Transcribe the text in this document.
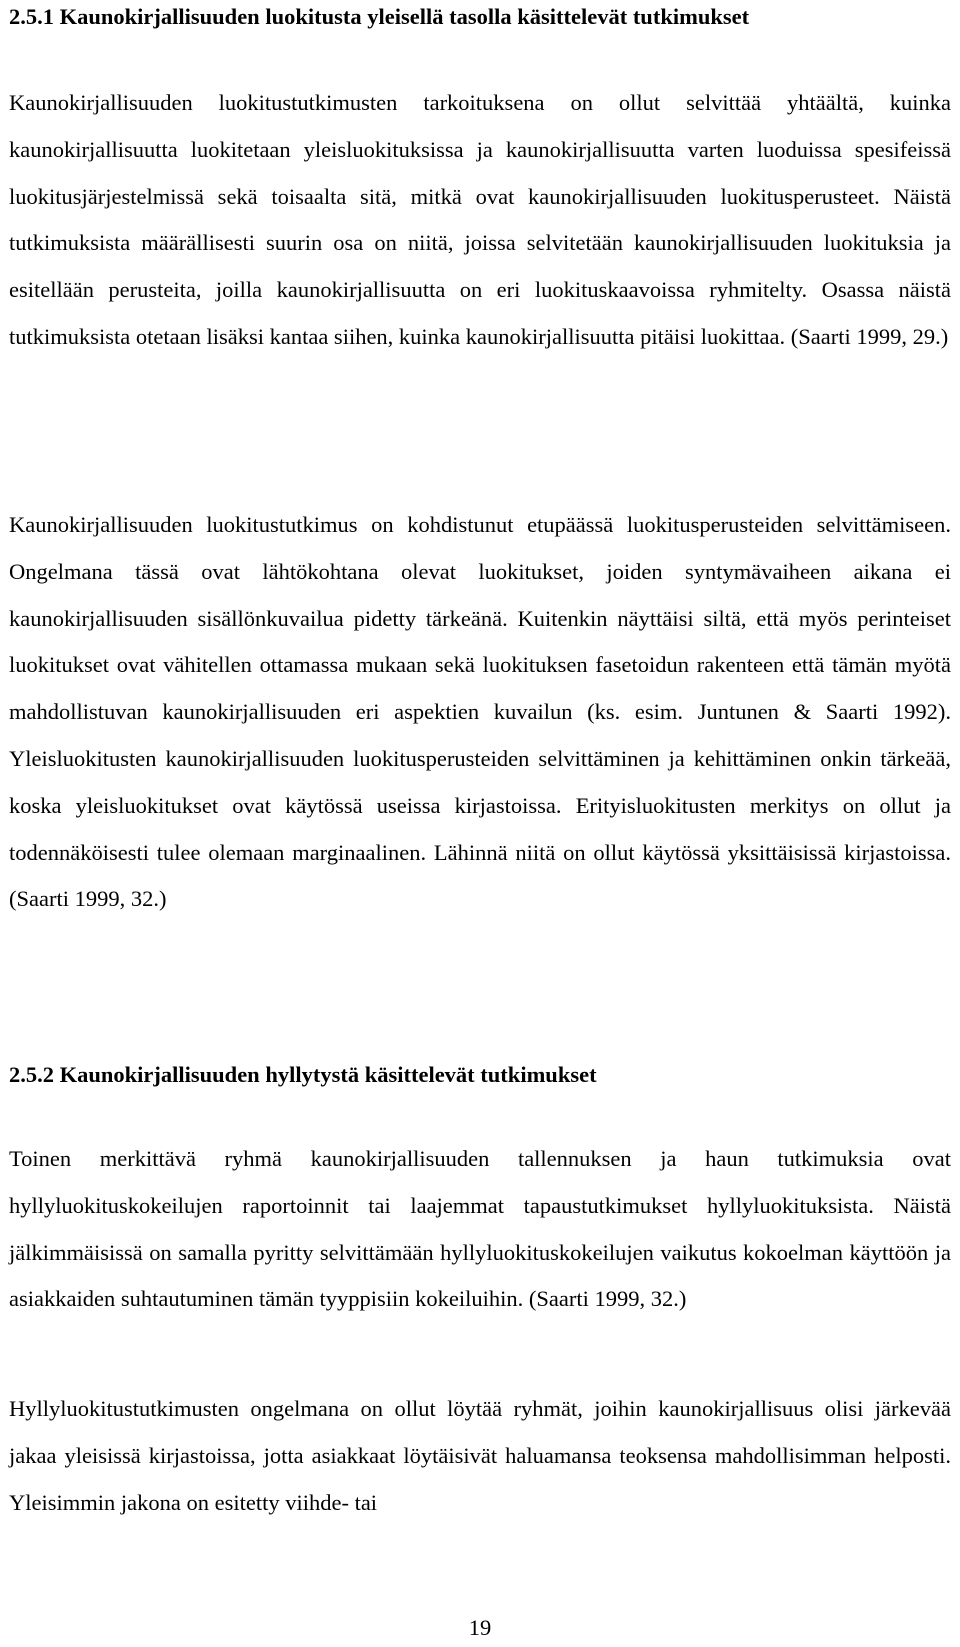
2.5.1 Kaunokirjallisuuden luokitusta yleisellä tasolla käsittelevät tutkimukset

Kaunokirjallisuuden luokitustutkimusten tarkoituksena on ollut selvittää yhtäältä, kuinka kaunokirjallisuutta luokitetaan yleisluokituksissa ja kaunokirjallisuutta varten luoduissa spesifeissä luokitusjärjestelmissä sekä toisaalta sitä, mitkä ovat kaunokirjallisuuden luokitusperusteet. Näistä tutkimuksista määrällisesti suurin osa on niitä, joissa selvitetään kaunokirjallisuuden luokituksia ja esitellään perusteita, joilla kaunokirjallisuutta on eri luokituskaavoissa ryhmitelty. Osassa näistä tutkimuksista otetaan lisäksi kantaa siihen, kuinka kaunokirjallisuutta pitäisi luokittaa. (Saarti 1999, 29.)

Kaunokirjallisuuden luokitustutkimus on kohdistunut etupäässä luokitusperusteiden selvittämiseen. Ongelmana tässä ovat lähtökohtana olevat luokitukset, joiden syntymävaiheen aikana ei kaunokirjallisuuden sisällönkuvailua pidetty tärkeänä. Kuitenkin näyttäisi siltä, että myös perinteiset luokitukset ovat vähitellen ottamassa mukaan sekä luokituksen fasetoidun rakenteen että tämän myötä mahdollistuvan kaunokirjallisuuden eri aspektien kuvailun (ks. esim. Juntunen & Saarti 1992). Yleisluokitusten kaunokirjallisuuden luokitusperusteiden selvittäminen ja kehittäminen onkin tärkeää, koska yleisluokitukset ovat käytössä useissa kirjastoissa. Erityisluokitusten merkitys on ollut ja todennäköisesti tulee olemaan marginaalinen. Lähinnä niitä on ollut käytössä yksittäisissä kirjastoissa. (Saarti 1999, 32.)

2.5.2 Kaunokirjallisuuden hyllytystä käsittelevät tutkimukset

Toinen merkittävä ryhmä kaunokirjallisuuden tallennuksen ja haun tutkimuksia ovat hyllyluokituskokeilujen raportoinnit tai laajemmat tapaustutkimukset hyllyluokituksista. Näistä jälkimmäisissä on samalla pyritty selvittämään hyllyluokituskokeilujen vaikutus kokoelman käyttöön ja asiakkaiden suhtautuminen tämän tyyppisiin kokeiluihin. (Saarti 1999, 32.)

Hyllyluokitustutkimusten ongelmana on ollut löytää ryhmät, joihin kaunokirjallisuus olisi järkevää jakaa yleisissä kirjastoissa, jotta asiakkaat löytäisivät haluamansa teoksensa mahdollisimman helposti. Yleisimmin jakona on esitetty viihde- tai

19
